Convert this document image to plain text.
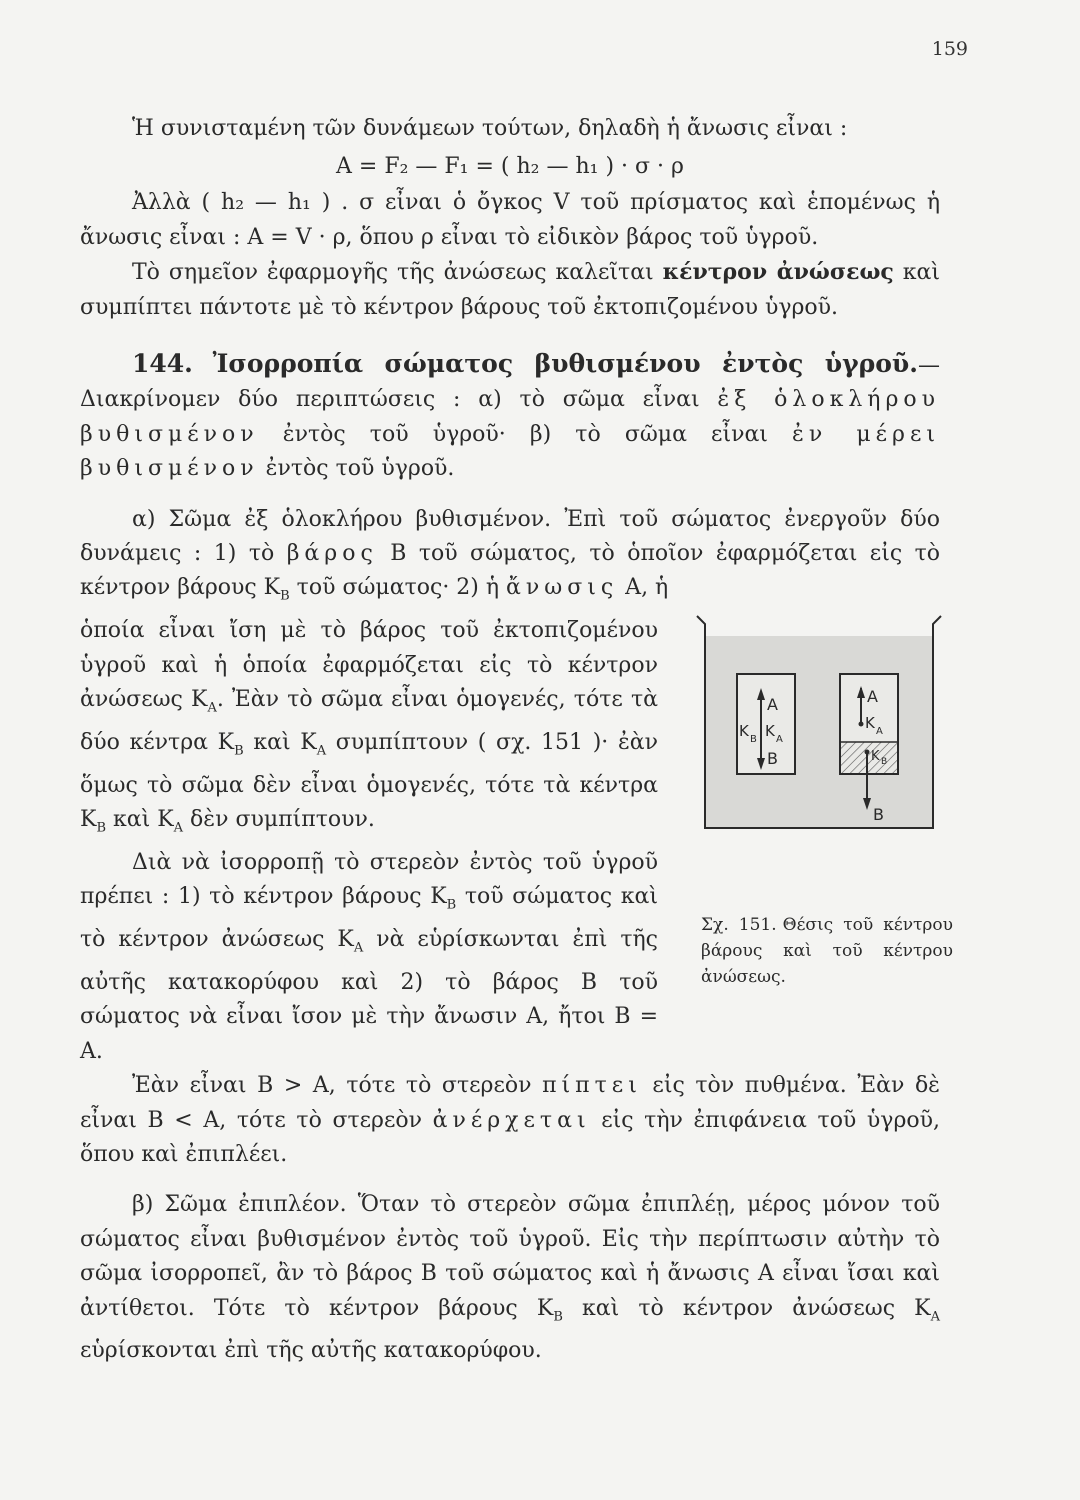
159

Ἡ συνισταμένη τῶν δυνάμεων τούτων, δηλαδὴ ἡ ἄνωσις εἶναι :

Α = F₂ — F₁ = ( h₂ — h₁ ) · σ · ρ

Ἀλλὰ ( h₂ — h₁ ) . σ εἶναι ὁ ὄγκος V τοῦ πρίσματος καὶ ἑπομένως ἡ ἄνωσις εἶναι : Α = V · ρ, ὅπου ρ εἶναι τὸ εἰδικὸν βάρος τοῦ ὑγροῦ.

Τὸ σημεῖον ἐφαρμογῆς τῆς ἀνώσεως καλεῖται κέντρον ἀνώσεως καὶ συμπίπτει πάντοτε μὲ τὸ κέντρον βάρους τοῦ ἐκτοπιζομένου ὑγροῦ.

144. Ἰσορροπία σώματος βυθισμένου ἐντὸς ὑγροῦ.—Διακρίνομεν δύο περιπτώσεις : α) τὸ σῶμα εἶναι ἐξ ὁλοκλήρου βυθισμένον ἐντὸς τοῦ ὑγροῦ· β) τὸ σῶμα εἶναι ἐν μέρει βυθισμένον ἐντὸς τοῦ ὑγροῦ.

α) Σῶμα ἐξ ὁλοκλήρου βυθισμένον. Ἐπὶ τοῦ σώματος ἐνεργοῦν δύο δυνάμεις : 1) τὸ βάρος Β τοῦ σώματος, τὸ ὁποῖον ἐφαρμόζεται εἰς τὸ κέντρον βάρους $K_B$ τοῦ σώματος· 2) ἡ ἄνωσις Α, ἡ

ὁποία εἶναι ἴση μὲ τὸ βάρος τοῦ ἐκτοπιζομένου ὑγροῦ καὶ ἡ ὁποία ἐφαρμόζεται εἰς τὸ κέντρον ἀνώσεως $K_A$. Ἐὰν τὸ σῶμα εἶναι ὁμογενές, τότε τὰ δύο κέντρα $K_B$ καὶ $K_A$ συμπίπτουν ( σχ. 151 )· ἐὰν ὅμως τὸ σῶμα δὲν εἶναι ὁμογενές, τότε τὰ κέντρα $K_B$ καὶ $K_A$ δὲν συμπίπτουν.

Διὰ νὰ ἰσορροπῇ τὸ στερεὸν ἐντὸς τοῦ ὑγροῦ πρέπει : 1) τὸ κέντρον βάρους $K_B$ τοῦ σώματος καὶ τὸ κέντρον ἀνώσεως $K_A$ νὰ εὑρίσκωνται ἐπὶ τῆς αὐτῆς κατακορύφου καὶ 2) τὸ βάρος Β τοῦ σώματος νὰ εἶναι ἴσον μὲ τὴν ἄνωσιν Α, ἤτοι Β = Α.

A
K B K A
B
A
K A
K B
B
Σχ. 151. Θέσις τοῦ κέντρου βάρους καὶ τοῦ κέντρου ἀνώσεως.

Ἐὰν εἶναι Β > Α, τότε τὸ στερεὸν πίπτει εἰς τὸν πυθμένα. Ἐὰν δὲ εἶναι Β < Α, τότε τὸ στερεὸν ἀνέρχεται εἰς τὴν ἐπιφάνεια τοῦ ὑγροῦ, ὅπου καὶ ἐπιπλέει.

β) Σῶμα ἐπιπλέον. Ὅταν τὸ στερεὸν σῶμα ἐπιπλέῃ, μέρος μόνον τοῦ σώματος εἶναι βυθισμένον ἐντὸς τοῦ ὑγροῦ. Εἰς τὴν περίπτωσιν αὐτὴν τὸ σῶμα ἰσορροπεῖ, ἂν τὸ βάρος Β τοῦ σώματος καὶ ἡ ἄνωσις Α εἶναι ἴσαι καὶ ἀντίθετοι. Τότε τὸ κέντρον βάρους $K_B$ καὶ τὸ κέντρον ἀνώσεως $K_A$ εὑρίσκονται ἐπὶ τῆς αὐτῆς κατακορύφου.
